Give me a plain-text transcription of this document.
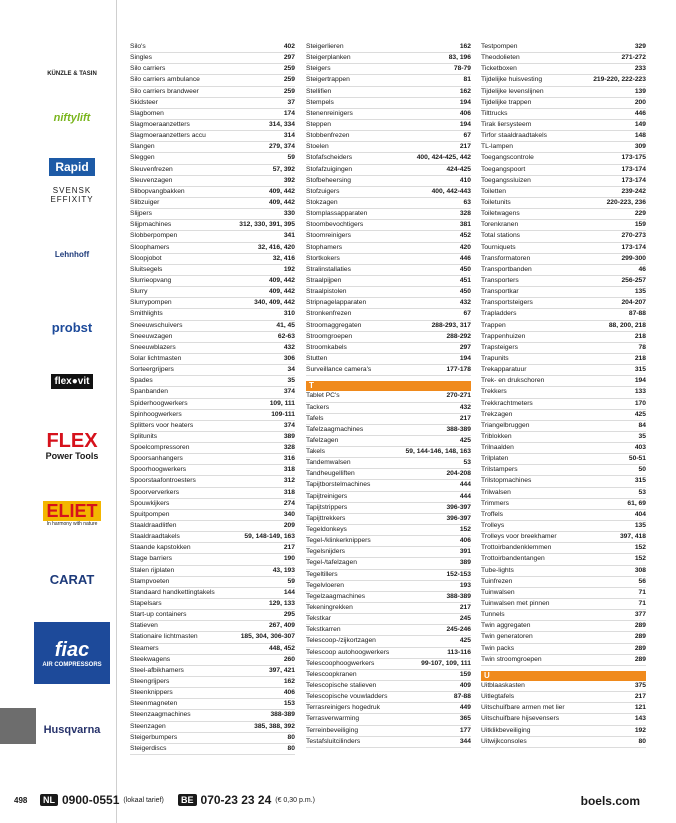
KÜNZLE & TASIN
niftylift
Rapid
SVENSK EFFIXITY
Lehnhoff
probst
flex●vit
FLEX
Power Tools
ELIET
In harmony with nature
CARAT
fiac
AIR COMPRESSORS
Husqvarna
Silo's	402
Singles	297
Silo carriers	259
Silo carriers ambulance	259
Silo carriers brandweer	259
Skidsteer	37
Slagbomen	174
Slagmoeraanzetters	314, 334
Slagmoeraanzetters accu	314
Slangen	279, 374
Sleggen	59
Sleuvenfrezen	57, 392
Sleuvenzagen	392
Slibopvangbakken	409, 442
Slibzuiger	409, 442
Slijpers	330
Slijpmachines	312, 330, 391, 395
Slobberpompen	341
Sloophamers	32, 416, 420
Sloopjobot	32, 416
Sluitsegels	192
Slurrieopvang	409, 442
Slurry	409, 442
Slurrypompen	340, 409, 442
Smithlights	310
Sneeuwschuivers	41, 45
Sneeuwzagen	62-63
Sneeuwblazers	432
Solar lichtmasten	306
Sorteergrijpers	34
Spades	35
Spanbanden	374
Spiderhoogwerkers	109, 111
Spinhoogwerkers	109-111
Splitters voor heaters	374
Splitunits	389
Spoelcompressoren	328
Spoorsanhangers	316
Spoorhoogwerkers	318
Spoorstaafontroesters	312
Spoorververkers	318
Spouwkijkers	274
Spuitpompen	340
Staaldraadlitfen	209
Staaldraadtakels	59, 148-149, 163
Staande kapstokken	217
Stage barriers	190
Stalen rijplaten	43, 193
Stampvoeten	59
Standaard handkettingtakels	144
Stapelsars	129, 133
Start-up containers	295
Statieven	267, 409
Stationaire lichtmasten	185, 304, 306-307
Steamers	448, 452
Steekwagens	260
Steel-afbikhamers	397, 421
Steengrijpers	162
Steenknippers	406
Steenmagneten	153
Steenzaagmachines	388-389
Steenzagen	385, 388, 392
Steigerbumpers	80
Steigerdiscs	80
Steigerlieren	162
Steigerplanken	83, 196
Steigers	78-79
Steigertrappen	81
Stellifien	162
Stempels	194
Stenenreinigers	406
Steppen	194
Stobbenfrezen	67
Stoelen	217
Stofafscheiders	400, 424-425, 442
Stofafzuigingen	424-425
Stofbeheersing	410
Stofzuigers	400, 442-443
Stokzagen	63
Stomplassapparaten	328
Stoombevochtigers	381
Stoomreinigers	452
Stophamers	420
Stortkokers	446
Stralinstallaties	450
Straalpijpen	451
Straalpistolen	450
Stripnagelapparaten	432
Stronkenfrezen	67
Stroomaggregaten	288-293, 317
Stroomgroepen	288-292
Stroomkabels	297
Stutten	194
Surveillance camera's	177-178
T
Tablet PC's	270-271
Tackers	432
Tafels	217
Tafelzaagmachines	388-389
Tafelzagen	425
Takels	59, 144-146, 148, 163
Tandemwalsen	53
Tandheugelliften	204-208
Tapijtborstelmachines	444
Tapijtreinigers	444
Tapijtstrippers	396-397
Tapijttrekkers	396-397
Tegeldonkeys	152
Tegel-/klinkerknippers	406
Tegelsnijders	391
Tegel-/tafelzagen	389
Tegeltillers	152-153
Tegelvloeren	193
Tegelzaagmachines	388-389
Tekeningrekken	217
Tekstkar	245
Tekstkarren	245-246
Telescoop-/zijkortzagen	425
Telescoop autohoogwerkers	113-116
Telescoophoogwerkers	99-107, 109, 111
Telescoopkranen	159
Telescopische stalieven	409
Telescopische vouwladders	87-88
Terrasreinigers hogedruk	449
Terrasverwarming	365
Terreinbeveiliging	177
Testafsluitcilinders	344
Testpompen	329
Theodolieten	271-272
Ticketboxen	233
Tijdelijke huisvesting	219-220, 222-223
Tijdelijke levenslijnen	139
Tijdelijke trappen	200
Tilttrucks	446
Tirak liersysteem	149
Tirfor staaldraadtakels	148
TL-lampen	309
Toegangscontrole	173-175
Toegangspoort	173-174
Toegangssluizen	173-174
Toiletten	239-242
Toiletunits	220-223, 236
Toiletwagens	229
Torenkranen	159
Total stations	270-273
Tourniquets	173-174
Transformatoren	299-300
Transportbanden	46
Transporters	256-257
Transportkar	135
Transportsteigers	204-207
Trapladders	87-88
Trappen	88, 200, 218
Trappenhuizen	218
Trapsteigers	78
Trapunits	218
Trekapparatuur	315
Trek- en drukschoren	194
Trekkers	133
Trekkrachtmeters	170
Trekzagen	425
Triangelbruggen	84
Triblokken	35
Trilnaalden	403
Trilplaten	50-51
Trilstampers	50
Trilstopmachines	315
Trilwalsen	53
Trimmers	61, 69
Troffels	404
Trolleys	135
Trolleys voor breekhamer	397, 418
Trottoirbandenklemmen	152
Trottoirbandentangen	152
Tube-lights	308
Tuinfrezen	56
Tuinwalsen	71
Tuinwalsen met pinnen	71
Tunnels	377
Twin aggregaten	289
Twin generatoren	289
Twin packs	289
Twin stroomgroepen	289
U
Uitblaaskasten	375
Uitlegtafels	217
Uitschuifbare armen met lier	121
Uitschuifbare hijsevensers	143
Uitklikbeveiliging	192
Uitwijkconsoles	80
498	NL 0900-0551 (lokaal tarief)	BE 070-23 23 24 (€ 0,30 p.m.)	boels.com
